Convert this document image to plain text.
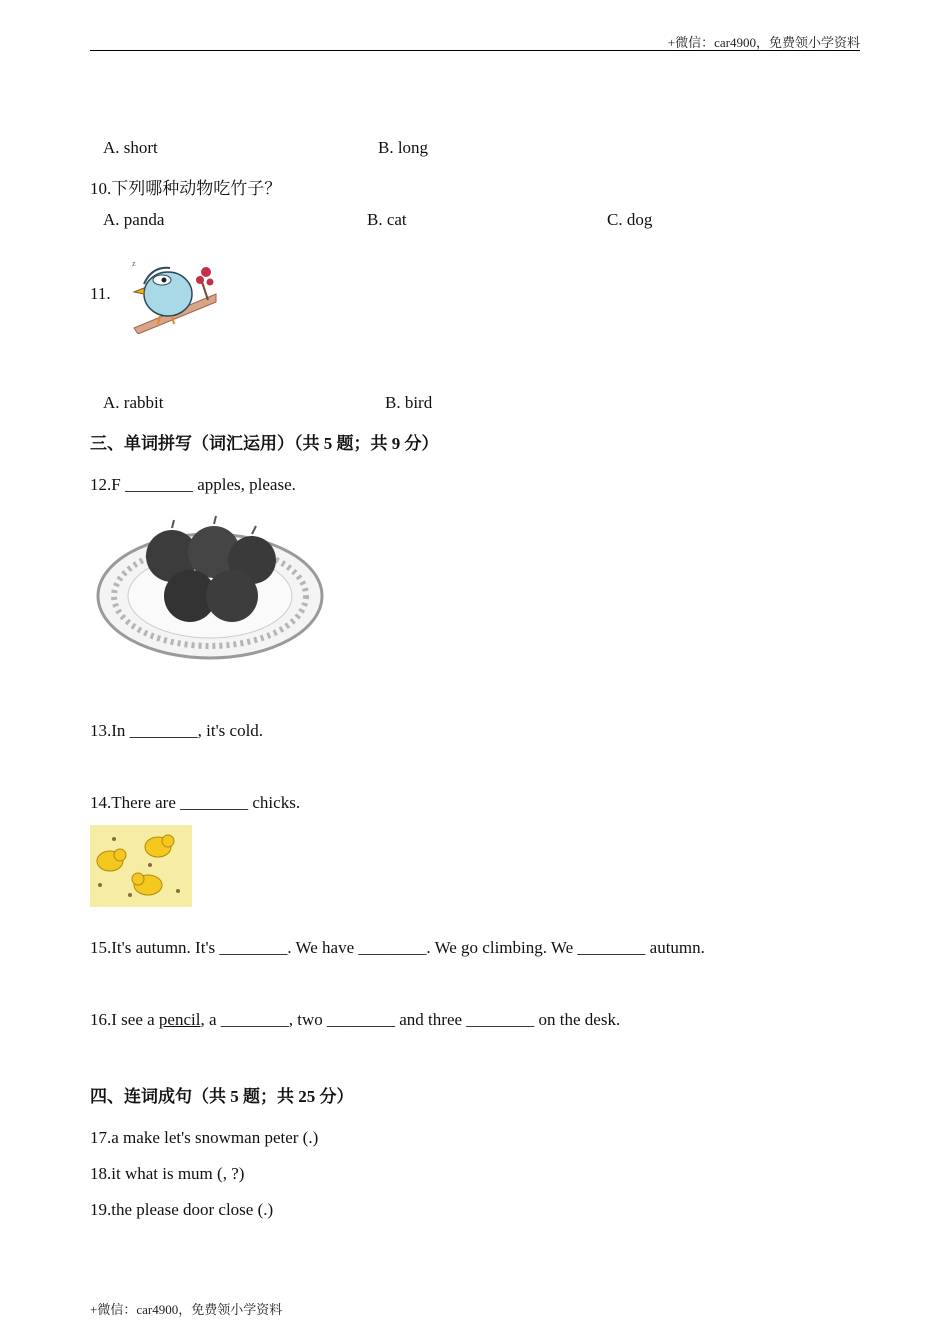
+微信：car4900，免费领小学资料
A. short	B. long
10.下列哪种动物吃竹子？
A. panda	B. cat	C. dog
11.
z
A. rabbit	B. bird
三、单词拼写（词汇运用）（共 5 题；共 9 分）
12.F ________ apples, please.
13.In ________, it's cold.
14.There are ________ chicks.
15.It's autumn. It's ________. We have ________. We go climbing. We ________ autumn.
16.I see a pencil, a ________, two ________ and three ________ on the desk.
四、连词成句（共 5 题；共 25 分）
17.a make let's snowman peter (.)
18.it what is mum (, ?)
19.the please door close (.)
+微信：car4900，免费领小学资料
